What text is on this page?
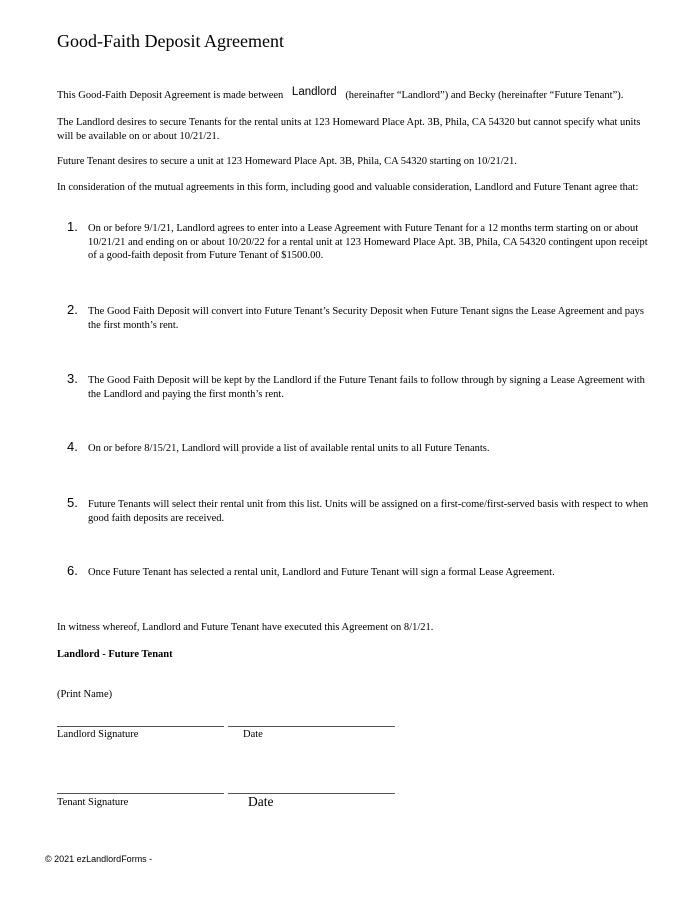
Good-Faith Deposit Agreement
This Good-Faith Deposit Agreement is made between Landlord (hereinafter “Landlord”) and Becky (hereinafter “Future Tenant”).
The Landlord desires to secure Tenants for the rental units at 123 Homeward Place Apt. 3B, Phila, CA 54320 but cannot specify what units will be available on or about 10/21/21.
Future Tenant desires to secure a unit at 123 Homeward Place Apt. 3B, Phila, CA 54320 starting on 10/21/21.
In consideration of the mutual agreements in this form, including good and valuable consideration, Landlord and Future Tenant agree that:
1. On or before 9/1/21, Landlord agrees to enter into a Lease Agreement with Future Tenant for a 12 months term starting on or about 10/21/21 and ending on or about 10/20/22 for a rental unit at 123 Homeward Place Apt. 3B, Phila, CA 54320 contingent upon receipt of a good-faith deposit from Future Tenant of $1500.00.
2. The Good Faith Deposit will convert into Future Tenant’s Security Deposit when Future Tenant signs the Lease Agreement and pays the first month’s rent.
3. The Good Faith Deposit will be kept by the Landlord if the Future Tenant fails to follow through by signing a Lease Agreement with the Landlord and paying the first month’s rent.
4. On or before 8/15/21, Landlord will provide a list of available rental units to all Future Tenants.
5. Future Tenants will select their rental unit from this list. Units will be assigned on a first-come/first-served basis with respect to when good faith deposits are received.
6. Once Future Tenant has selected a rental unit, Landlord and Future Tenant will sign a formal Lease Agreement.
In witness whereof, Landlord and Future Tenant have executed this Agreement on 8/1/21.
Landlord - Future Tenant
(Print Name)
Landlord Signature	Date
Tenant Signature	Date
© 2021 ezLandlordForms -
